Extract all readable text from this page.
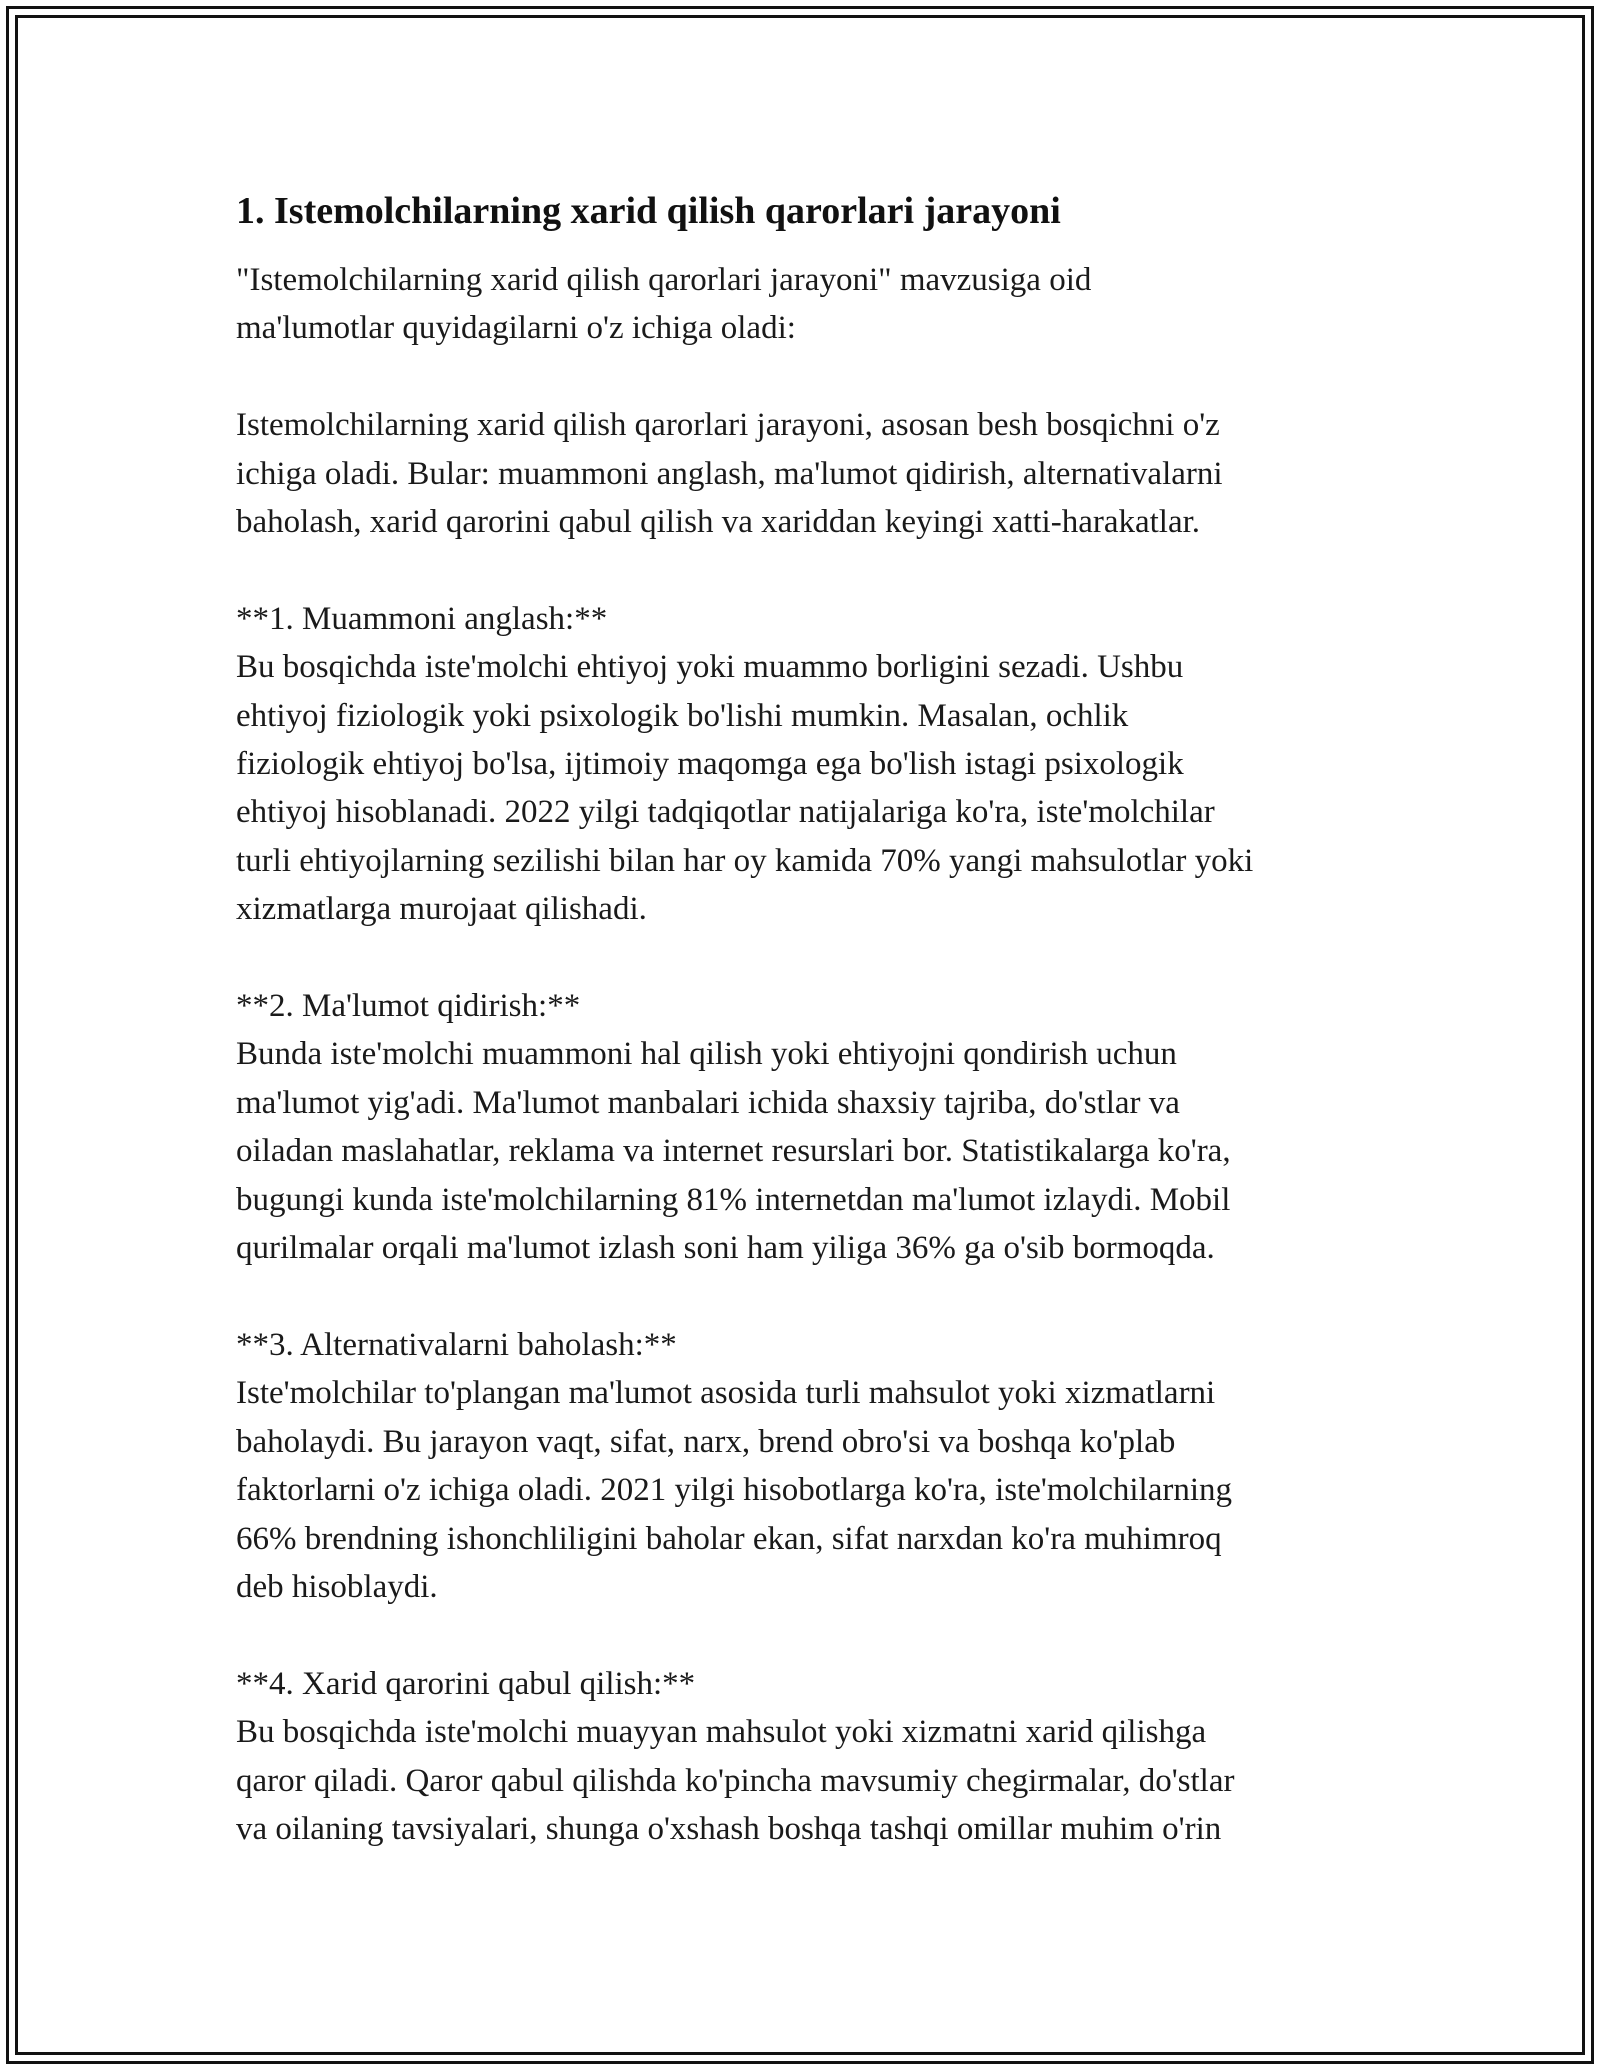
1. Istemolchilarning xarid qilish qarorlari jarayoni

"Istemolchilarning xarid qilish qarorlari jarayoni" mavzusiga oid
ma'lumotlar quyidagilarni o'z ichiga oladi:

Istemolchilarning xarid qilish qarorlari jarayoni, asosan besh bosqichni o'z
ichiga oladi. Bular: muammoni anglash, ma'lumot qidirish, alternativalarni
baholash, xarid qarorini qabul qilish va xariddan keyingi xatti-harakatlar.

**1. Muammoni anglash:**

Bu bosqichda iste'molchi ehtiyoj yoki muammo borligini sezadi. Ushbu
ehtiyoj fiziologik yoki psixologik bo'lishi mumkin. Masalan, ochlik
fiziologik ehtiyoj bo'lsa, ijtimoiy maqomga ega bo'lish istagi psixologik
ehtiyoj hisoblanadi. 2022 yilgi tadqiqotlar natijalariga ko'ra, iste'molchilar
turli ehtiyojlarning sezilishi bilan har oy kamida 70% yangi mahsulotlar yoki
xizmatlarga murojaat qilishadi.

**2. Ma'lumot qidirish:**

Bunda iste'molchi muammoni hal qilish yoki ehtiyojni qondirish uchun
ma'lumot yig'adi. Ma'lumot manbalari ichida shaxsiy tajriba, do'stlar va
oiladan maslahatlar, reklama va internet resurslari bor. Statistikalarga ko'ra,
bugungi kunda iste'molchilarning 81% internetdan ma'lumot izlaydi. Mobil
qurilmalar orqali ma'lumot izlash soni ham yiliga 36% ga o'sib bormoqda.

**3. Alternativalarni baholash:**

Iste'molchilar to'plangan ma'lumot asosida turli mahsulot yoki xizmatlarni
baholaydi. Bu jarayon vaqt, sifat, narx, brend obro'si va boshqa ko'plab
faktorlarni o'z ichiga oladi. 2021 yilgi hisobotlarga ko'ra, iste'molchilarning
66% brendning ishonchliligini baholar ekan, sifat narxdan ko'ra muhimroq
deb hisoblaydi.

**4. Xarid qarorini qabul qilish:**

Bu bosqichda iste'molchi muayyan mahsulot yoki xizmatni xarid qilishga
qaror qiladi. Qaror qabul qilishda ko'pincha mavsumiy chegirmalar, do'stlar
va oilaning tavsiyalari, shunga o'xshash boshqa tashqi omillar muhim o'rin
